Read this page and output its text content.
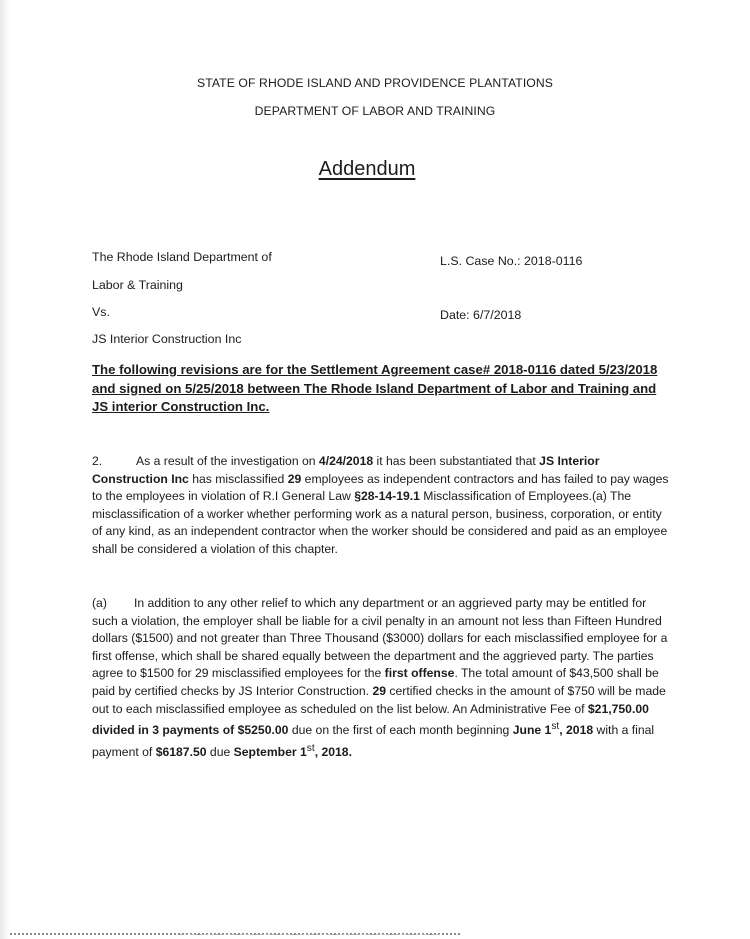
STATE OF RHODE ISLAND AND PROVIDENCE PLANTATIONS
DEPARTMENT OF LABOR AND TRAINING
Addendum
The Rhode Island Department of
Labor & Training
Vs.
JS Interior Construction Inc
L.S. Case No.: 2018-0116
Date: 6/7/2018
The following revisions are for the Settlement Agreement case# 2018-0116 dated 5/23/2018 and signed on 5/25/2018 between The Rhode Island Department of Labor and Training and JS interior Construction Inc.
2.	As a result of the investigation on 4/24/2018 it has been substantiated that JS Interior Construction Inc has misclassified 29 employees as independent contractors and has failed to pay wages to the employees in violation of R.I General Law §28-14-19.1 Misclassification of Employees.(a) The misclassification of a worker whether performing work as a natural person, business, corporation, or entity of any kind, as an independent contractor when the worker should be considered and paid as an employee shall be considered a violation of this chapter.
(a) In addition to any other relief to which any department or an aggrieved party may be entitled for such a violation, the employer shall be liable for a civil penalty in an amount not less than Fifteen Hundred dollars ($1500) and not greater than Three Thousand ($3000) dollars for each misclassified employee for a first offense, which shall be shared equally between the department and the aggrieved party. The parties agree to $1500 for 29 misclassified employees for the first offense. The total amount of $43,500 shall be paid by certified checks by JS Interior Construction. 29 certified checks in the amount of $750 will be made out to each misclassified employee as scheduled on the list below. An Administrative Fee of $21,750.00 divided in 3 payments of $5250.00 due on the first of each month beginning June 1st, 2018 with a final payment of $6187.50 due September 1st, 2018.
